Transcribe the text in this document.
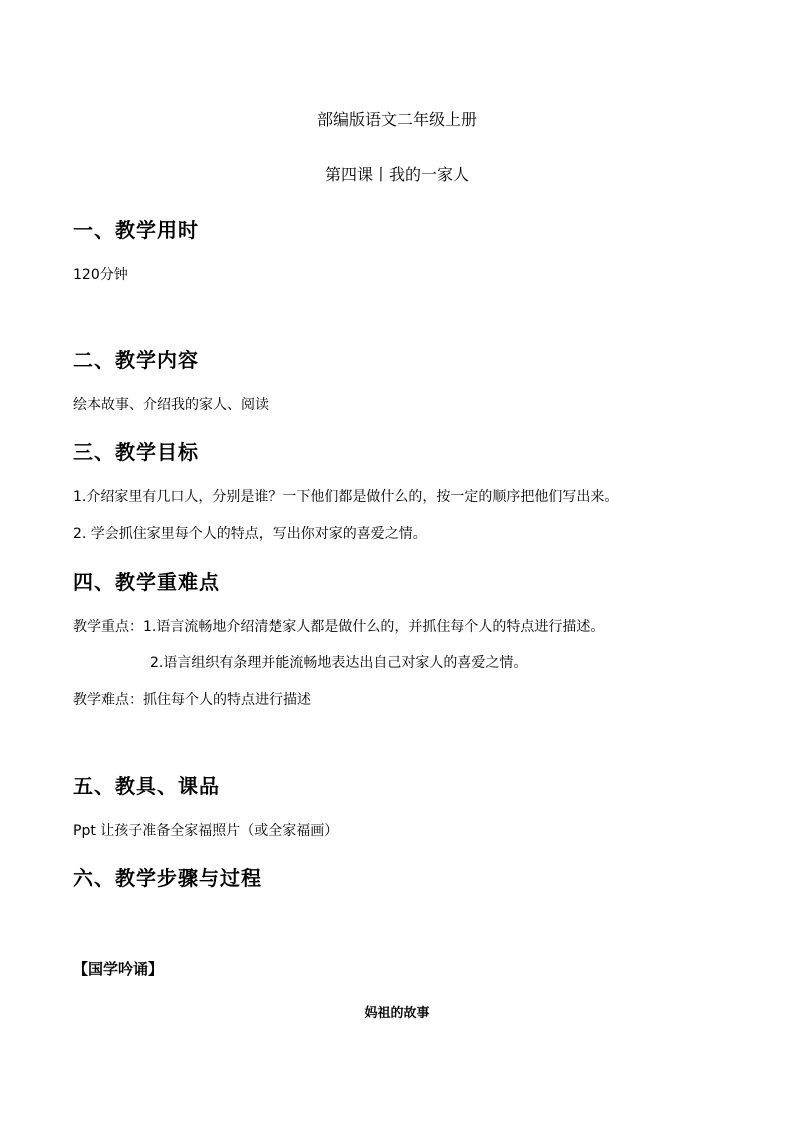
部编版语文二年级上册
第四课丨我的一家人
一、教学用时
120分钟
二、教学内容
绘本故事、介绍我的家人、阅读
三、教学目标
1.介绍家里有几口人，分别是谁？一下他们都是做什么的，按一定的顺序把他们写出来。
2. 学会抓住家里每个人的特点，写出你对家的喜爱之情。
四、教学重难点
教学重点：1.语言流畅地介绍清楚家人都是做什么的，并抓住每个人的特点进行描述。
2.语言组织有条理并能流畅地表达出自己对家人的喜爱之情。
教学难点：抓住每个人的特点进行描述
五、教具、课品
Ppt 让孩子准备全家福照片（或全家福画）
六、教学步骤与过程
【国学吟诵】
妈祖的故事
